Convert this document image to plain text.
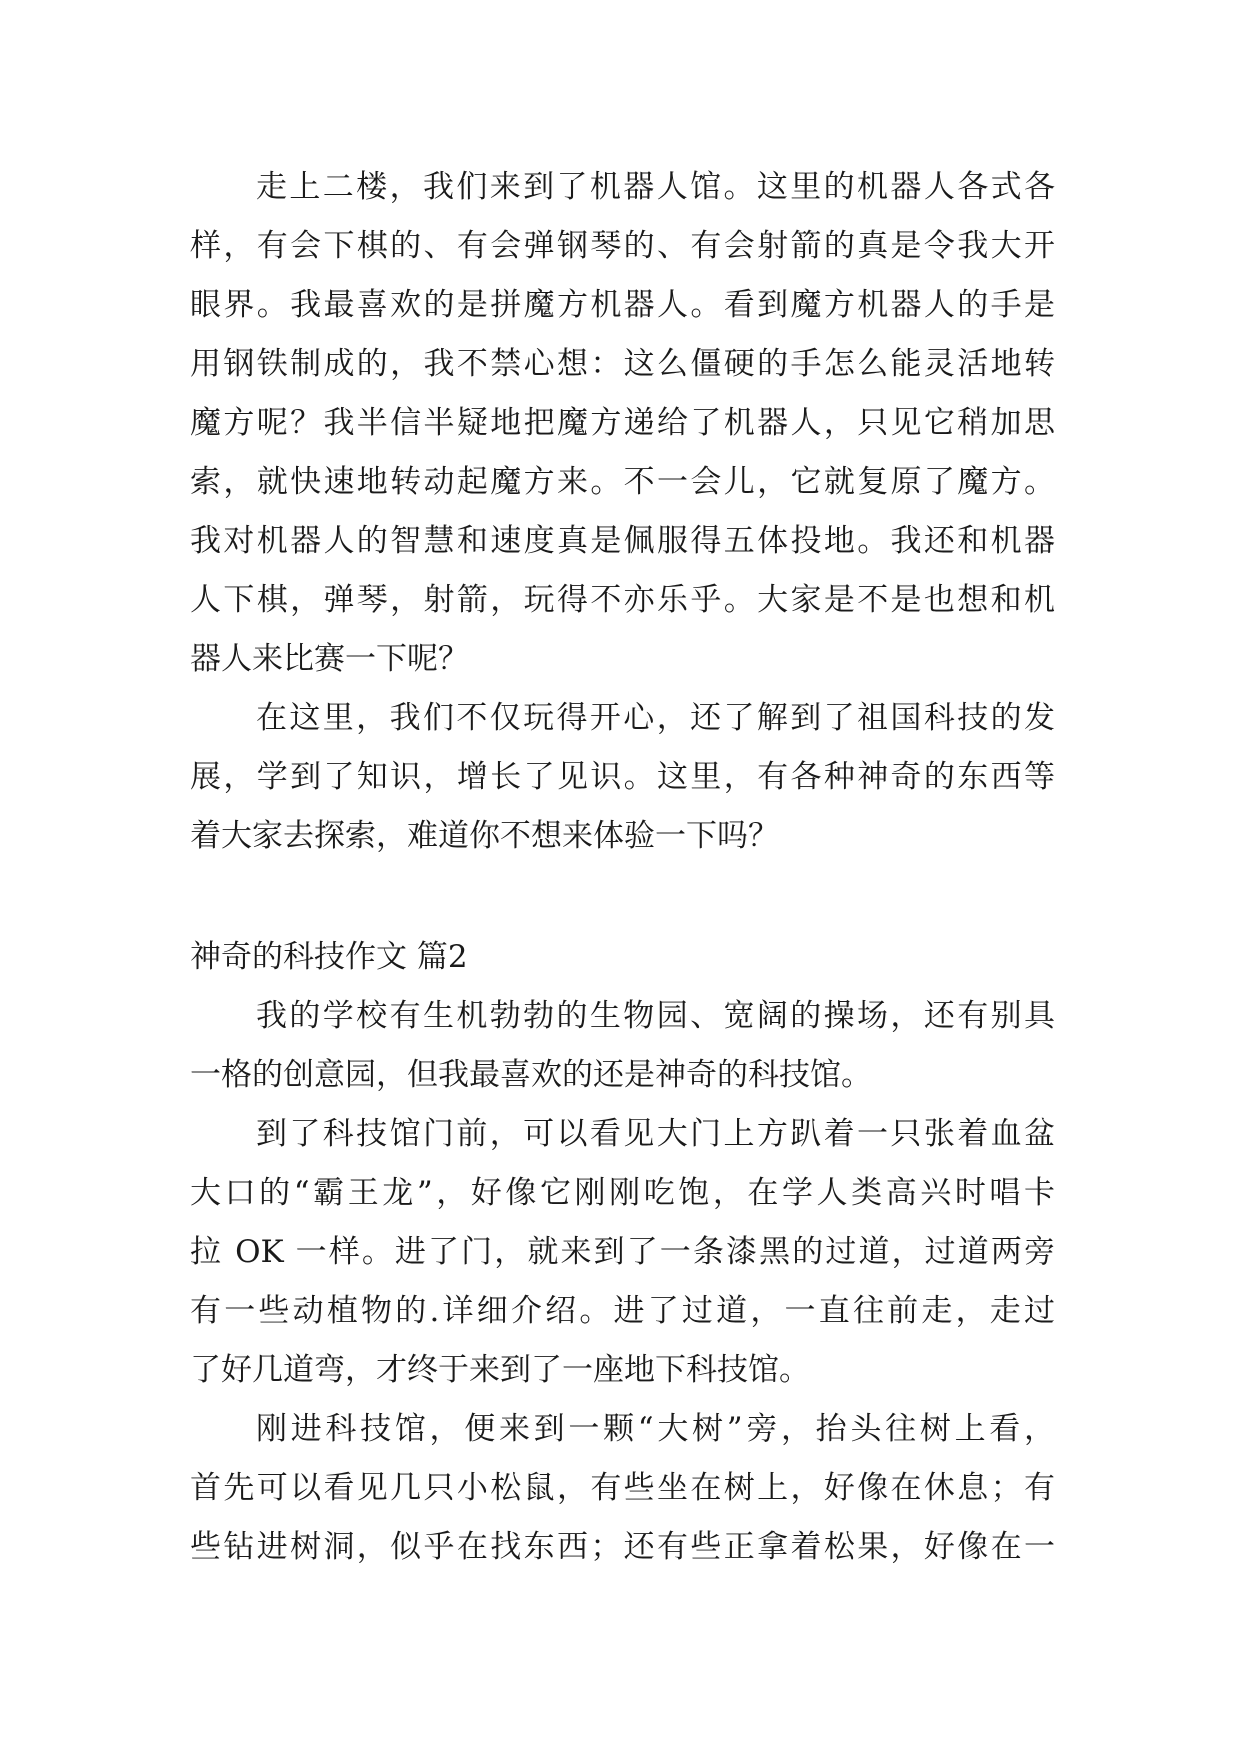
走上二楼，我们来到了机器人馆。这里的机器人各式各
样，有会下棋的、有会弹钢琴的、有会射箭的真是令我大开
眼界。我最喜欢的是拼魔方机器人。看到魔方机器人的手是
用钢铁制成的，我不禁心想：这么僵硬的手怎么能灵活地转
魔方呢？我半信半疑地把魔方递给了机器人，只见它稍加思
索，就快速地转动起魔方来。不一会儿，它就复原了魔方。
我对机器人的智慧和速度真是佩服得五体投地。我还和机器
人下棋，弹琴，射箭，玩得不亦乐乎。大家是不是也想和机
器人来比赛一下呢？
在这里，我们不仅玩得开心，还了解到了祖国科技的发
展，学到了知识，增长了见识。这里，有各种神奇的东西等
着大家去探索，难道你不想来体验一下吗？
神奇的科技作文 篇2
我的学校有生机勃勃的生物园、宽阔的操场，还有别具
一格的创意园，但我最喜欢的还是神奇的科技馆。
到了科技馆门前，可以看见大门上方趴着一只张着血盆
大口的“霸王龙”，好像它刚刚吃饱，在学人类高兴时唱卡
拉 OK 一样。进了门，就来到了一条漆黑的过道，过道两旁
有一些动植物的.详细介绍。进了过道，一直往前走，走过
了好几道弯，才终于来到了一座地下科技馆。
刚进科技馆，便来到一颗“大树”旁，抬头往树上看，
首先可以看见几只小松鼠，有些坐在树上，好像在休息；有
些钻进树洞，似乎在找东西；还有些正拿着松果，好像在一
